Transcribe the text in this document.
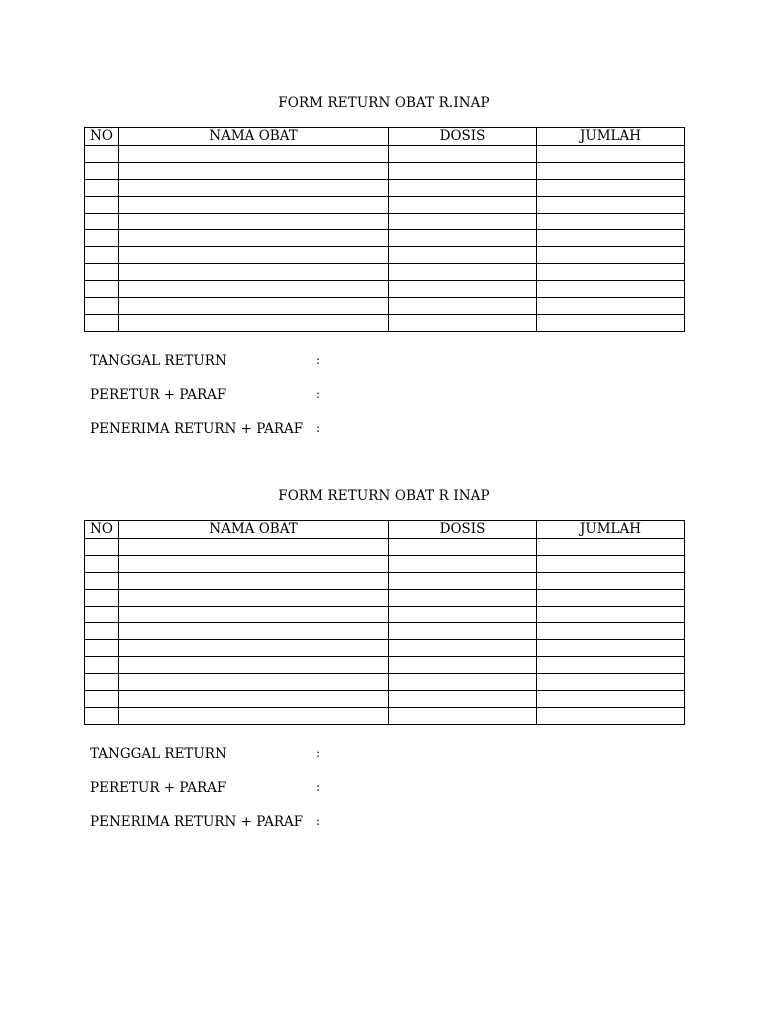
FORM RETURN OBAT R.INAP
NO	NAMA OBAT	DOSIS	JUMLAH

TANGGAL RETURN	:
PERETUR + PARAF	:
PENERIMA RETURN + PARAF :
FORM RETURN OBAT R INAP
NO	NAMA OBAT	DOSIS	JUMLAH

TANGGAL RETURN	:
PERETUR + PARAF	:
PENERIMA RETURN + PARAF :
